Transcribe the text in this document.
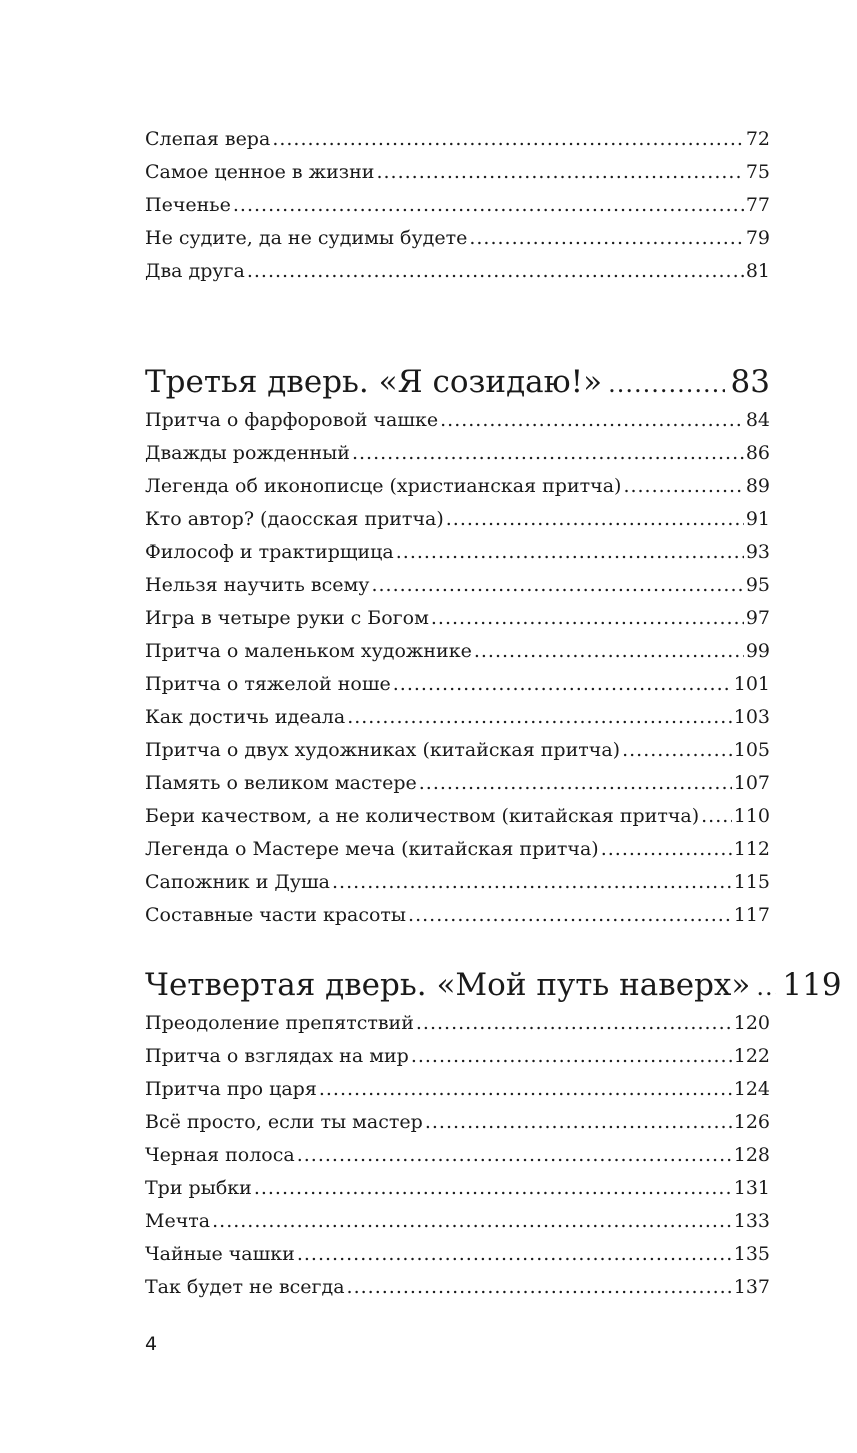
Слепая вера .....	72
Самое ценное в жизни .....	75
Печенье .....	77
Не судите, да не судимы будете .....	79
Два друга .....	81
Третья дверь. «Я созидаю!» .....	83
Притча о фарфоровой чашке .....	84
Дважды рожденный .....	86
Легенда об иконописце (христианская притча) .....	89
Кто автор? (даосская притча) .....	91
Философ и трактирщица .....	93
Нельзя научить всему .....	95
Игра в четыре руки с Богом .....	97
Притча о маленьком художнике .....	99
Притча о тяжелой ноше .....	101
Как достичь идеала .....	103
Притча о двух художниках (китайская притча) .....	105
Память о великом мастере .....	107
Бери качеством, а не количеством (китайская притча) ..... 110
Легенда о Мастере меча (китайская притча) .....	112
Сапожник и Душа .....	115
Составные части красоты .....	117
Четвертая дверь. «Мой путь наверх» ..... 119
Преодоление препятствий .....	120
Притча о взглядах на мир .....	122
Притча про царя .....	124
Всё просто, если ты мастер .....	126
Черная полоса .....	128
Три рыбки .....	131
Мечта .....	133
Чайные чашки .....	135
Так будет не всегда .....	137
4
